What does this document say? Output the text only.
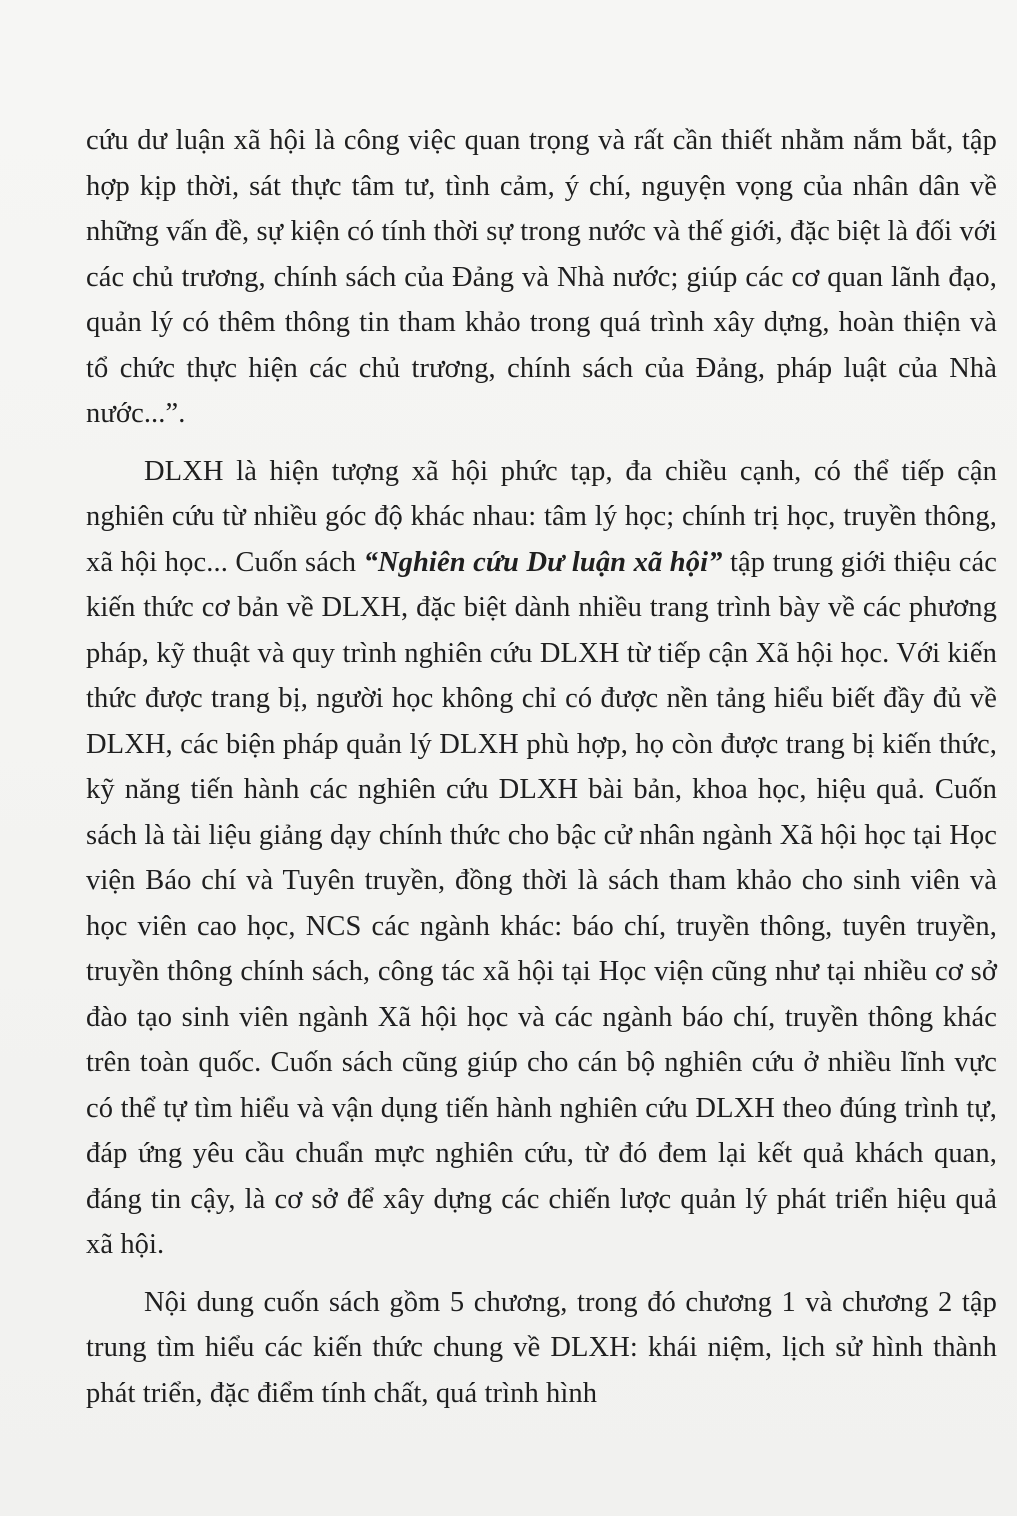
cứu dư luận xã hội là công việc quan trọng và rất cần thiết nhằm nắm bắt, tập hợp kịp thời, sát thực tâm tư, tình cảm, ý chí, nguyện vọng của nhân dân về những vấn đề, sự kiện có tính thời sự trong nước và thế giới, đặc biệt là đối với các chủ trương, chính sách của Đảng và Nhà nước; giúp các cơ quan lãnh đạo, quản lý có thêm thông tin tham khảo trong quá trình xây dựng, hoàn thiện và tổ chức thực hiện các chủ trương, chính sách của Đảng, pháp luật của Nhà nước...”.

DLXH là hiện tượng xã hội phức tạp, đa chiều cạnh, có thể tiếp cận nghiên cứu từ nhiều góc độ khác nhau: tâm lý học; chính trị học, truyền thông, xã hội học... Cuốn sách “Nghiên cứu Dư luận xã hội” tập trung giới thiệu các kiến thức cơ bản về DLXH, đặc biệt dành nhiều trang trình bày về các phương pháp, kỹ thuật và quy trình nghiên cứu DLXH từ tiếp cận Xã hội học. Với kiến thức được trang bị, người học không chỉ có được nền tảng hiểu biết đầy đủ về DLXH, các biện pháp quản lý DLXH phù hợp, họ còn được trang bị kiến thức, kỹ năng tiến hành các nghiên cứu DLXH bài bản, khoa học, hiệu quả. Cuốn sách là tài liệu giảng dạy chính thức cho bậc cử nhân ngành Xã hội học tại Học viện Báo chí và Tuyên truyền, đồng thời là sách tham khảo cho sinh viên và học viên cao học, NCS các ngành khác: báo chí, truyền thông, tuyên truyền, truyền thông chính sách, công tác xã hội tại Học viện cũng như tại nhiều cơ sở đào tạo sinh viên ngành Xã hội học và các ngành báo chí, truyền thông khác trên toàn quốc. Cuốn sách cũng giúp cho cán bộ nghiên cứu ở nhiều lĩnh vực có thể tự tìm hiểu và vận dụng tiến hành nghiên cứu DLXH theo đúng trình tự, đáp ứng yêu cầu chuẩn mực nghiên cứu, từ đó đem lại kết quả khách quan, đáng tin cậy, là cơ sở để xây dựng các chiến lược quản lý phát triển hiệu quả xã hội.

Nội dung cuốn sách gồm 5 chương, trong đó chương 1 và chương 2 tập trung tìm hiểu các kiến thức chung về DLXH: khái niệm, lịch sử hình thành phát triển, đặc điểm tính chất, quá trình hình
